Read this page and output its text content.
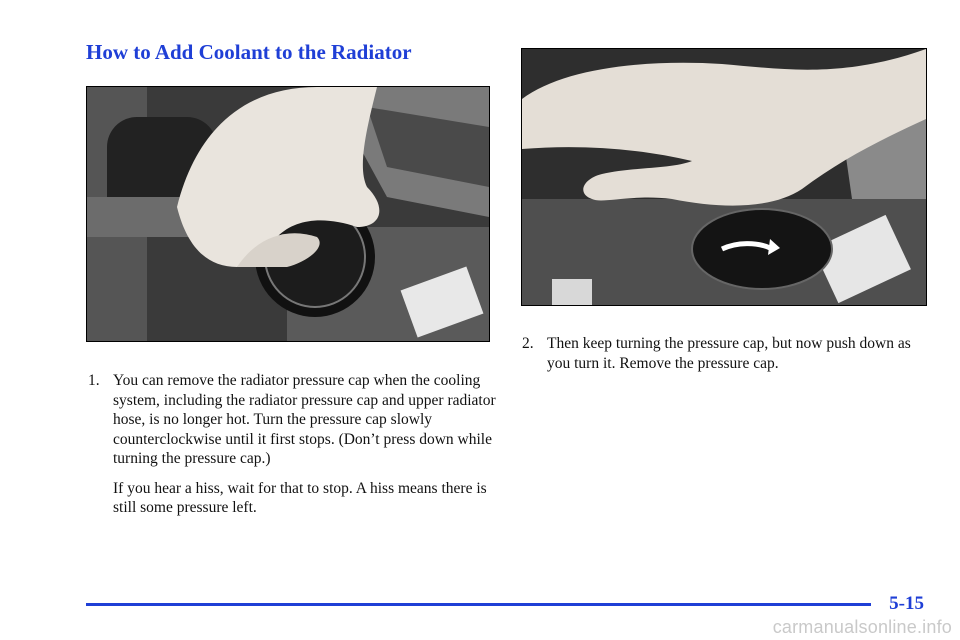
How to Add Coolant to the Radiator
1. You can remove the radiator pressure cap when the cooling system, including the radiator pressure cap and upper radiator hose, is no longer hot. Turn the pressure cap slowly counterclockwise until it first stops. (Don’t press down while turning the pressure cap.)

If you hear a hiss, wait for that to stop. A hiss means there is still some pressure left.

2. Then keep turning the pressure cap, but now push down as you turn it. Remove the pressure cap.

5-15

carmanualsonline.info
